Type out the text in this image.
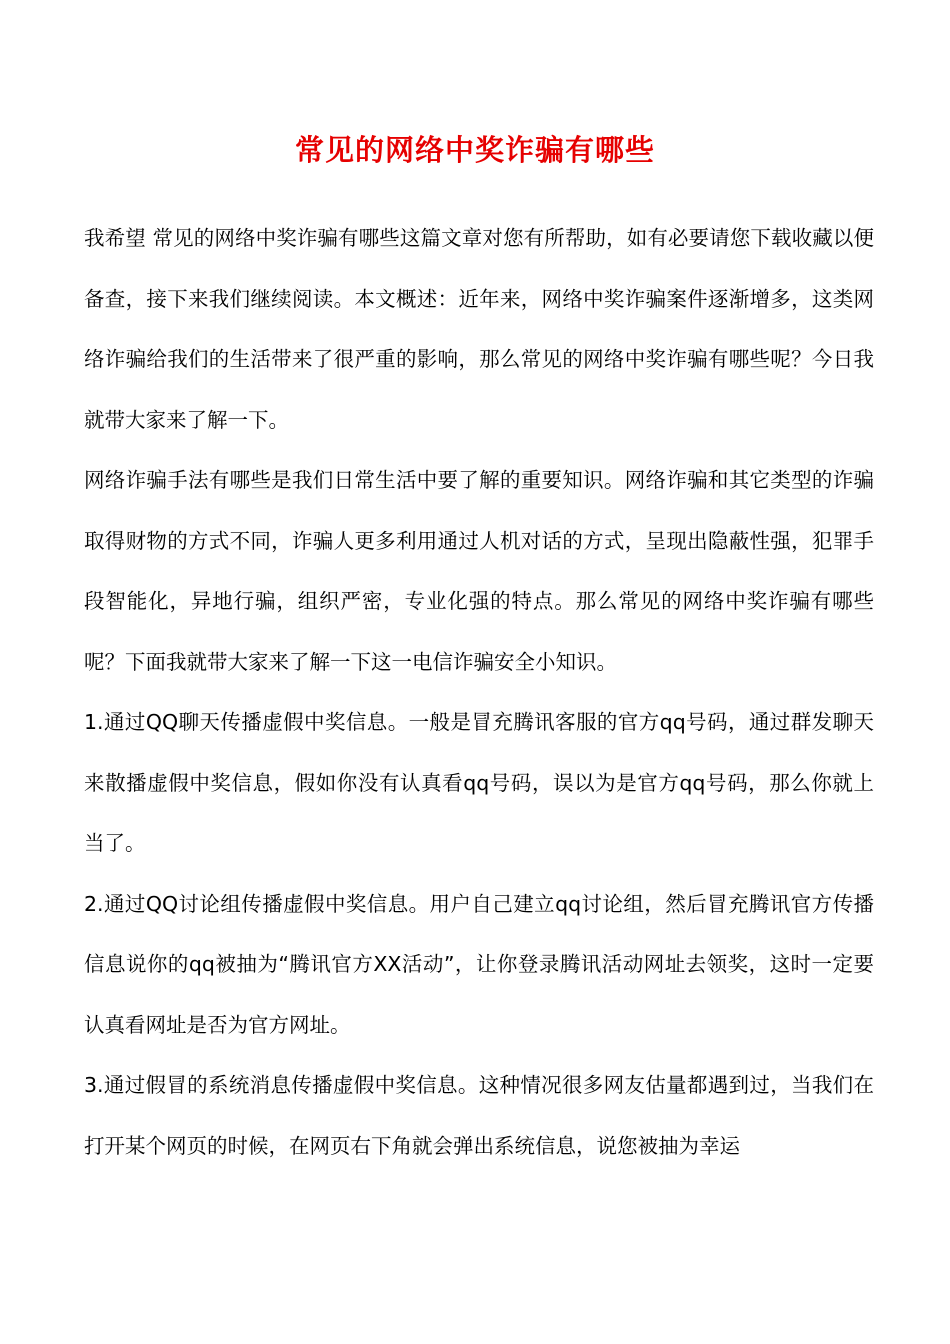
常见的网络中奖诈骗有哪些

我希望 常见的网络中奖诈骗有哪些这篇文章对您有所帮助，如有必要请您下载收藏以便备查，接下来我们继续阅读。本文概述：近年来，网络中奖诈骗案件逐渐增多，这类网络诈骗给我们的生活带来了很严重的影响，那么常见的网络中奖诈骗有哪些呢？今日我就带大家来了解一下。

网络诈骗手法有哪些是我们日常生活中要了解的重要知识。网络诈骗和其它类型的诈骗取得财物的方式不同，诈骗人更多利用通过人机对话的方式，呈现出隐蔽性强，犯罪手段智能化，异地行骗，组织严密，专业化强的特点。那么常见的网络中奖诈骗有哪些呢？下面我就带大家来了解一下这一电信诈骗安全小知识。

1.通过QQ聊天传播虚假中奖信息。一般是冒充腾讯客服的官方qq号码，通过群发聊天来散播虚假中奖信息，假如你没有认真看qq号码，误以为是官方qq号码，那么你就上当了。

2.通过QQ讨论组传播虚假中奖信息。用户自己建立qq讨论组，然后冒充腾讯官方传播信息说你的qq被抽为“腾讯官方XX活动”，让你登录腾讯活动网址去领奖，这时一定要认真看网址是否为官方网址。

3.通过假冒的系统消息传播虚假中奖信息。这种情况很多网友估量都遇到过，当我们在打开某个网页的时候，在网页右下角就会弹出系统信息，说您被抽为幸运
